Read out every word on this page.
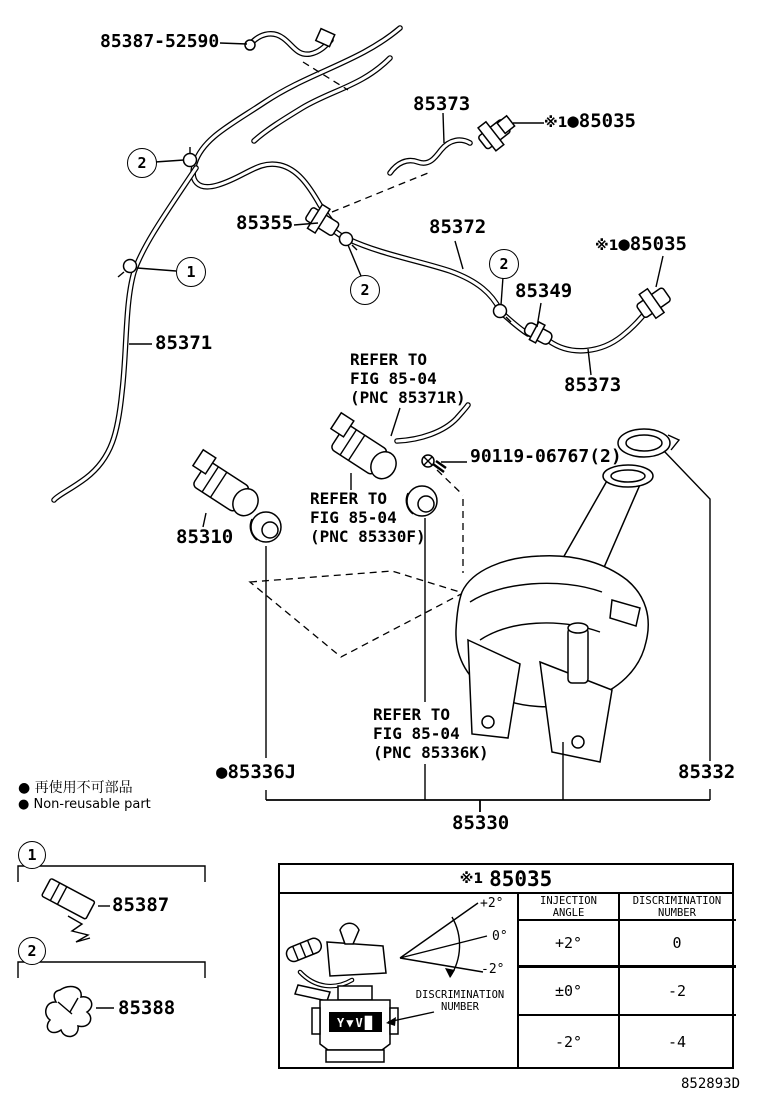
85387-52590
85373
※1●85035
85355	85372
※1●85035
85349
85371
85373
90119-06767(2)
85310
●85336J	85332
85330
85387
85388
REFER TO
FIG 85-04
(PNC 85371R)
REFER TO
FIG 85-04
(PNC 85330F)
REFER TO
FIG 85-04
(PNC 85336K)
2
1
2
2
1
2
● 再使用不可部品
● Non-reusable part
※1 85035
INJECTION
ANGLE
DISCRIMINATION
NUMBER
+2°	0
±0°	-2
-2°	-4
+2°
0°
-2°
DISCRIMINATION
NUMBER
Y▼V█
852893D
